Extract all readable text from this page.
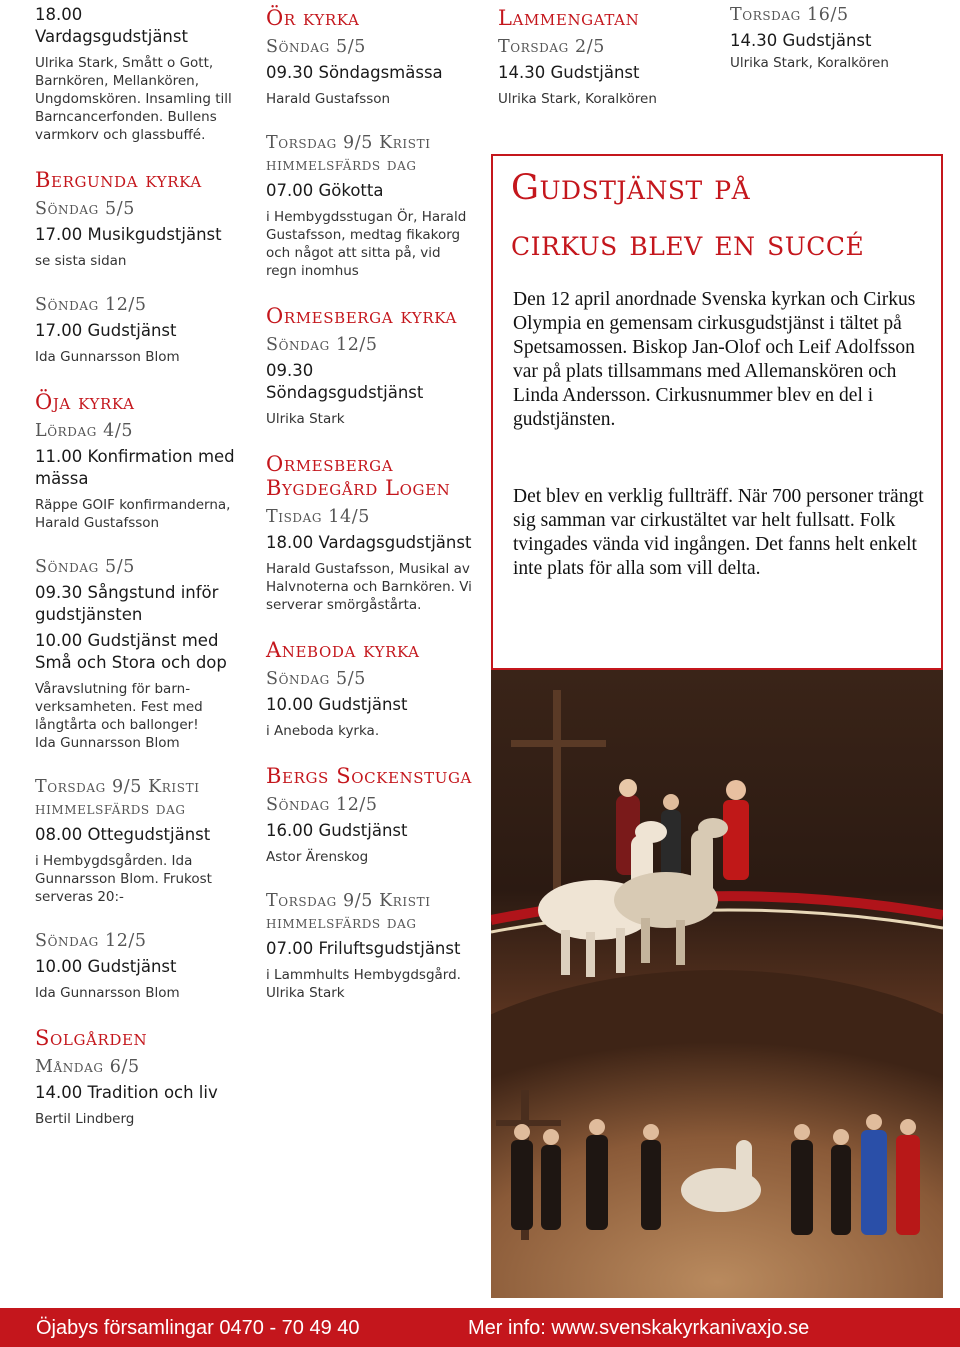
18.00
Vardagsgudstjänst
Ulrika Stark, Smått o Gott, Barnkören, Mellankören, Ungdomskören. Insamling till Barncancerfonden. Bullens varmkorv och glassbuffé.
Bergunda kyrka
Söndag 5/5
17.00 Musikgudstjänst
se sista sidan
Söndag 12/5
17.00 Gudstjänst
Ida Gunnarsson Blom
Öja kyrka
Lördag 4/5
11.00 Konfirmation med mässa
Räppe GOIF konfirmanderna, Harald Gustafsson
Söndag 5/5
09.30 Sångstund inför gudstjänsten
10.00 Gudstjänst med Små och Stora och dop
Våravslutning för barn-verksamheten. Fest med långtårta och ballonger!
Ida Gunnarsson Blom
Torsdag 9/5 Kristi himmelsfärds dag
08.00 Ottegudstjänst
i Hembygdsgården. Ida Gunnarsson Blom. Frukost serveras 20:-
Söndag 12/5
10.00 Gudstjänst
Ida Gunnarsson Blom
Solgården
Måndag 6/5
14.00 Tradition och liv
Bertil Lindberg
Ör kyrka
Söndag 5/5
09.30 Söndagsmässa
Harald Gustafsson
Torsdag 9/5 Kristi himmelsfärds dag
07.00 Gökotta
i Hembygdsstugan Ör, Harald Gustafsson, medtag fikakorg och något att sitta på, vid regn inomhus
Ormesberga kyrka
Söndag 12/5
09.30 Söndagsgudstjänst
Ulrika Stark
Ormesberga Bygdegård Logen
Tisdag 14/5
18.00 Vardagsgudstjänst
Harald Gustafsson, Musikal av Halvnoterna och Barnkören. Vi serverar smörgåstårta.
Aneboda kyrka
Söndag 5/5
10.00 Gudstjänst
i Aneboda kyrka.
Bergs Sockenstuga
Söndag 12/5
16.00 Gudstjänst
Astor Ärenskog
Torsdag 9/5 Kristi himmelsfärds dag
07.00 Friluftsgudstjänst
i Lammhults Hembygdsgård. Ulrika Stark
Lammengatan
Torsdag 2/5
14.30 Gudstjänst
Ulrika Stark, Koralkören
Torsdag 16/5
14.30 Gudstjänst
Ulrika Stark, Koralkören
Gudstjänst på
cirkus blev en succé

Den 12 april anordnade Svenska kyrkan och Cirkus Olympia en gemensam cirkusgudstjänst i tältet på Spetsamossen. Biskop Jan-Olof och Leif Adolfsson var på plats tillsammans med Allemanskören och Linda Andersson. Cirkusnummer blev en del i gudstjänsten.

Det blev en verklig fullträff. När 700 personer trängt sig samman var cirkustältet var helt fullsatt. Folk tvingades vända vid ingången. Det fanns helt enkelt inte plats för alla som vill delta.

Öjabys församlingar 0470 - 70 49 40	Mer info: www.svenskakyrkanivaxjo.se
